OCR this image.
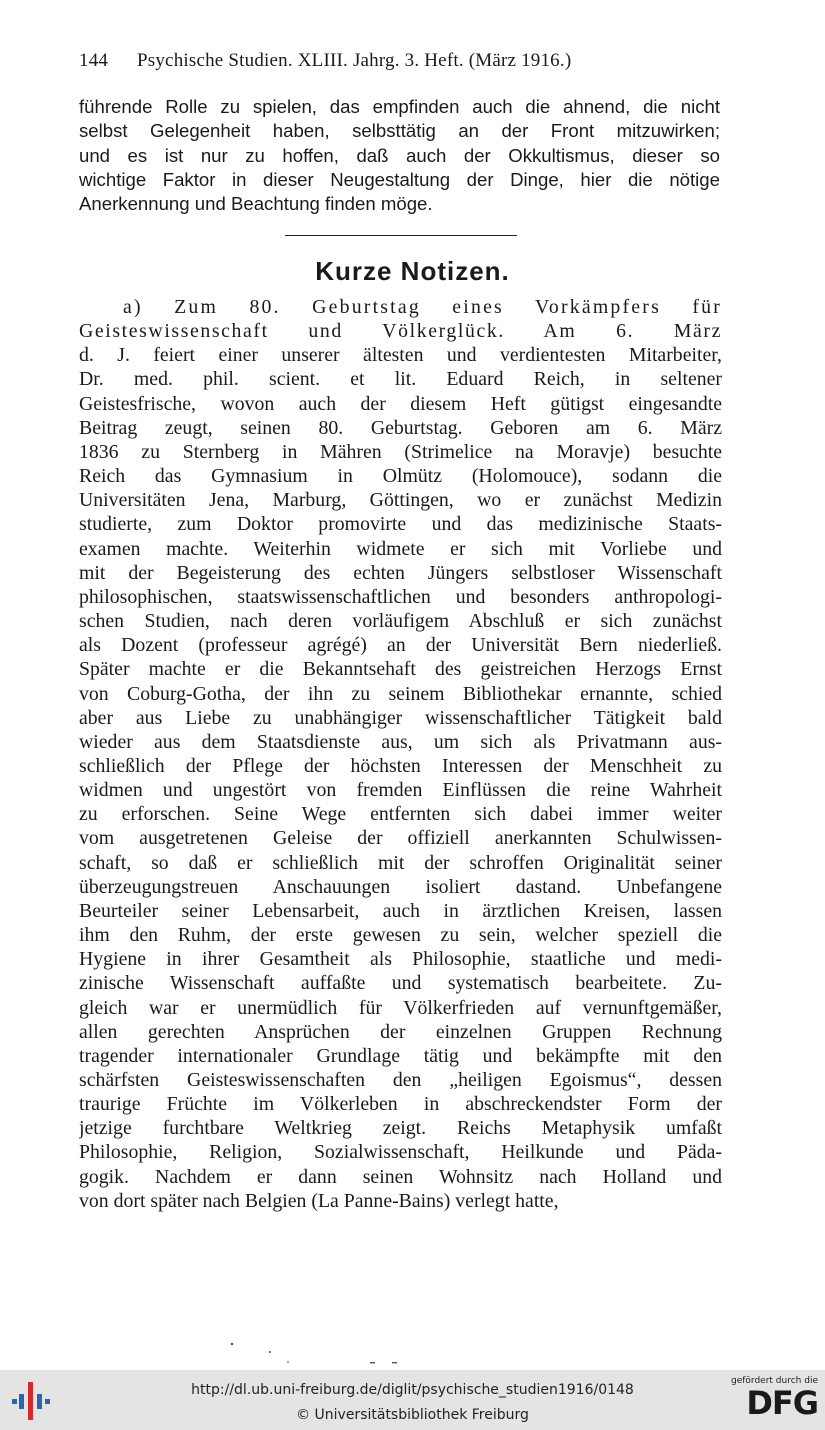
144 Psychische Studien. XLIII. Jahrg. 3. Heft. (März 1916.)
führende Rolle zu spielen, das empfinden auch die ahnend, die nicht
selbst Gelegenheit haben, selbsttätig an der Front mitzuwirken;
und es ist nur zu hoffen, daß auch der Okkultismus, dieser so
wichtige Faktor in dieser Neugestaltung der Dinge, hier die nötige
Anerkennung und Beachtung finden möge.
Kurze Notizen.
a) Zum 80. Geburtstag eines Vorkämpfers für
Geisteswissenschaft und Völkerglück. Am 6. März
d. J. feiert einer unserer ältesten und verdientesten Mitarbeiter,
Dr. med. phil. scient. et lit. Eduard Reich, in seltener
Geistesfrische, wovon auch der diesem Heft gütigst eingesandte
Beitrag zeugt, seinen 80. Geburtstag. Geboren am 6. März
1836 zu Sternberg in Mähren (Strimelice na Moravje) besuchte
Reich das Gymnasium in Olmütz (Holomouce), sodann die
Universitäten Jena, Marburg, Göttingen, wo er zunächst Medizin
studierte, zum Doktor promovirte und das medizinische Staats-
examen machte. Weiterhin widmete er sich mit Vorliebe und
mit der Begeisterung des echten Jüngers selbstloser Wissenschaft
philosophischen, staatswissenschaftlichen und besonders anthropologi-
schen Studien, nach deren vorläufigem Abschluß er sich zunächst
als Dozent (professeur agrégé) an der Universität Bern niederließ.
Später machte er die Bekanntsehaft des geistreichen Herzogs Ernst
von Coburg-Gotha, der ihn zu seinem Bibliothekar ernannte, schied
aber aus Liebe zu unabhängiger wissenschaftlicher Tätigkeit bald
wieder aus dem Staatsdienste aus, um sich als Privatmann aus-
schließlich der Pflege der höchsten Interessen der Menschheit zu
widmen und ungestört von fremden Einflüssen die reine Wahrheit
zu erforschen. Seine Wege entfernten sich dabei immer weiter
vom ausgetretenen Geleise der offiziell anerkannten Schulwissen-
schaft, so daß er schließlich mit der schroffen Originalität seiner
überzeugungstreuen Anschauungen isoliert dastand. Unbefangene
Beurteiler seiner Lebensarbeit, auch in ärztlichen Kreisen, lassen
ihm den Ruhm, der erste gewesen zu sein, welcher speziell die
Hygiene in ihrer Gesamtheit als Philosophie, staatliche und medi-
zinische Wissenschaft auffaßte und systematisch bearbeitete. Zu-
gleich war er unermüdlich für Völkerfrieden auf vernunftgemäßer,
allen gerechten Ansprüchen der einzelnen Gruppen Rechnung
tragender internationaler Grundlage tätig und bekämpfte mit den
schärfsten Geisteswissenschaften den „heiligen Egoismus“, dessen
traurige Früchte im Völkerleben in abschreckendster Form der
jetzige furchtbare Weltkrieg zeigt. Reichs Metaphysik umfaßt
Philosophie, Religion, Sozialwissenschaft, Heilkunde und Päda-
gogik. Nachdem er dann seinen Wohnsitz nach Holland und
von dort später nach Belgien (La Panne-Bains) verlegt hatte,
http://dl.ub.uni-freiburg.de/diglit/psychische_studien1916/0148
© Universitätsbibliothek Freiburg
gefördert durch die
DFG
